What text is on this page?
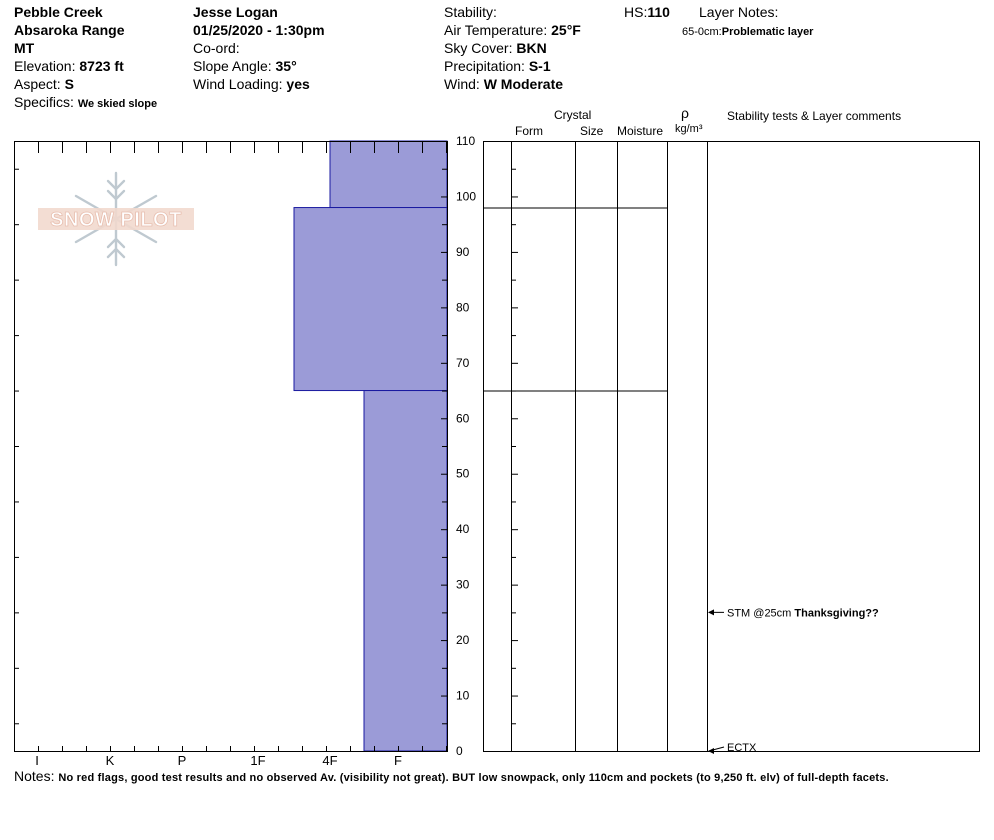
Pebble Creek
Absaroka Range
MT
Elevation: 8723 ft
Aspect: S
Specifics: We skied slope
Jesse Logan
01/25/2020 - 1:30pm
Co-ord:
Slope Angle: 35°
Wind Loading: yes
Stability:
Air Temperature: 25°F
Sky Cover: BKN
Precipitation: S-1
Wind: W Moderate
HS:110 Layer Notes:
65-0cm:Problematic layer
Crystal
Form	Size Moisture
ρ
kg/m³
Stability tests & Layer comments
SNOW PILOT
I	K	P	1F	4F	F
0
10
20
30
40
50
60
70
80
90
100
110
STM @25cm Thanksgiving??
ECTX
Notes: No red flags, good test results and no observed Av. (visibility not great). BUT low snowpack, only 110cm and pockets (to 9,250 ft. elv) of full-depth facets.
